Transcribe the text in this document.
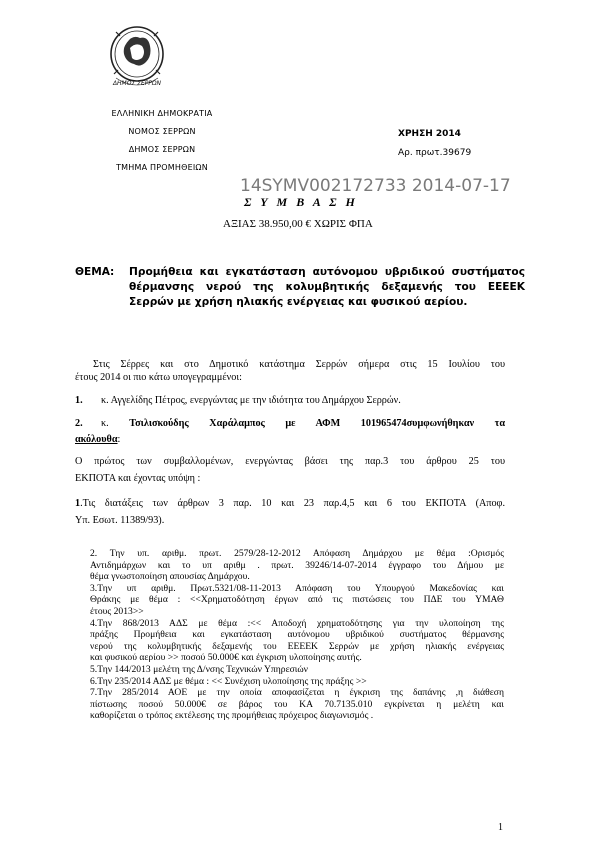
ΔΗΜΟΣ ΣΕΡΡΩΝ
ΕΛΛΗΝΙΚΗ ΔΗΜΟΚΡΑΤΙΑ
ΝΟΜΟΣ ΣΕΡΡΩΝ
ΔΗΜΟΣ ΣΕΡΡΩΝ
ΤΜΗΜΑ ΠΡΟΜΗΘΕΙΩΝ
ΧΡΗΣΗ 2014
Αρ. πρωτ.39679
14SYMV002172733 2014-07-17
Σ Υ Μ Β Α Σ Η
ΑΞΙΑΣ 38.950,00 € ΧΩΡΙΣ ΦΠΑ
ΘΕΜΑ: Προμήθεια και εγκατάσταση αυτόνομου υβριδικού συστήματος
θέρμανσης νερού της κολυμβητικής δεξαμενής του ΕΕΕΕΚ
Σερρών με χρήση ηλιακής ενέργειας και φυσικού αερίου.
Στις Σέρρες και στο Δημοτικό κατάστημα Σερρών σήμερα στις 15 Ιουλίου του
έτους 2014 οι πιο κάτω υπογεγραμμένοι:
1. κ. Αγγελίδης Πέτρος, ενεργώντας με την ιδιότητα του Δημάρχου Σερρών.
2. κ. Τσιλισκούδης Χαράλαμπος με ΑΦΜ 101965474συμφωνήθηκαν τα
ακόλουθα:
Ο πρώτος των συμβαλλομένων, ενεργώντας βάσει της παρ.3 του άρθρου 25 του
ΕΚΠΟΤΑ και έχοντας υπόψη :
1.Τις διατάξεις των άρθρων 3 παρ. 10 και 23 παρ.4,5 και 6 του ΕΚΠΟΤΑ (Αποφ.
Υπ. Εσωτ. 11389/93).
2. Την υπ. αριθμ. πρωτ. 2579/28-12-2012 Απόφαση Δημάρχου με θέμα :Ορισμός
Αντιδημάρχων και το υπ αριθμ . πρωτ. 39246/14-07-2014 έγγραφο του Δήμου με
θέμα γνωστοποίηση απουσίας Δημάρχου.
3.Την υπ αριθμ. Πρωτ.5321/08-11-2013 Απόφαση του Υπουργού Μακεδονίας και
Θράκης με θέμα : <<Χρηματοδότηση έργων από τις πιστώσεις του ΠΔΕ του ΥΜΑΘ
έτους 2013>>
4.Την 868/2013 ΑΔΣ με θέμα :<< Αποδοχή χρηματοδότησης για την υλοποίηση της
πράξης Προμήθεια και εγκατάσταση αυτόνομου υβριδικού συστήματος θέρμανσης
νερού της κολυμβητικής δεξαμενής του ΕΕΕΕΚ Σερρών με χρήση ηλιακής ενέργειας
και φυσικού αερίου >> ποσού 50.000€ και έγκριση υλοποίησης αυτής.
5.Την 144/2013 μελέτη της Δ/νσης Τεχνικών Υπηρεσιών
6.Την 235/2014 ΑΔΣ με θέμα : << Συνέχιση υλοποίησης της πράξης >>
7.Την 285/2014 ΑΟΕ με την οποία αποφασίζεται η έγκριση της δαπάνης ,η διάθεση
πίστωσης ποσού 50.000€ σε βάρος του ΚΑ 70.7135.010 εγκρίνεται η μελέτη και
καθορίζεται ο τρόπος εκτέλεσης της προμήθειας πρόχειρος διαγωνισμός .
1
